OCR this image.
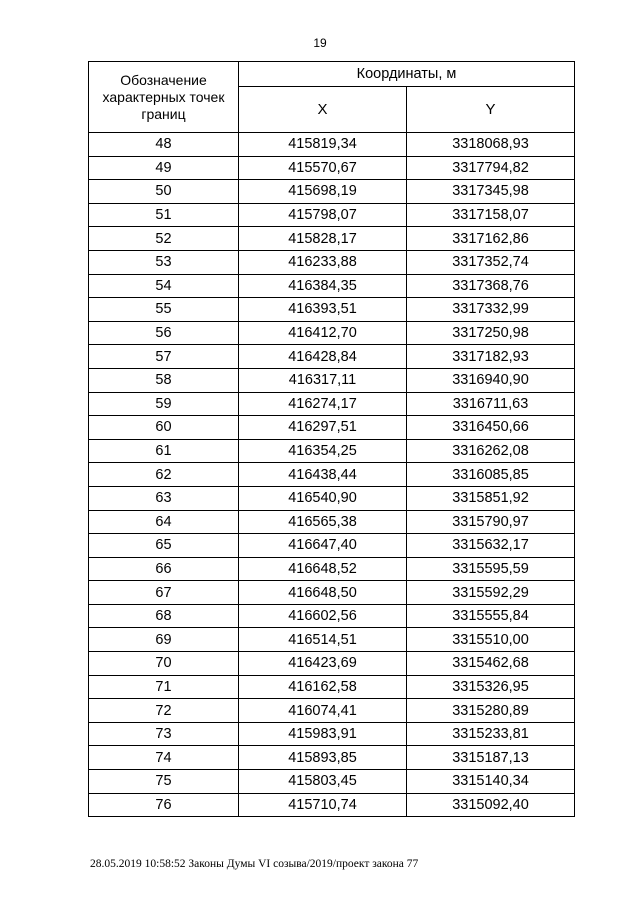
19
Обозначение характерных точек границ	Координаты, м	
	X	Y
48	415819,34	3318068,93
49	415570,67	3317794,82
50	415698,19	3317345,98
51	415798,07	3317158,07
52	415828,17	3317162,86
53	416233,88	3317352,74
54	416384,35	3317368,76
55	416393,51	3317332,99
56	416412,70	3317250,98
57	416428,84	3317182,93
58	416317,11	3316940,90
59	416274,17	3316711,63
60	416297,51	3316450,66
61	416354,25	3316262,08
62	416438,44	3316085,85
63	416540,90	3315851,92
64	416565,38	3315790,97
65	416647,40	3315632,17
66	416648,52	3315595,59
67	416648,50	3315592,29
68	416602,56	3315555,84
69	416514,51	3315510,00
70	416423,69	3315462,68
71	416162,58	3315326,95
72	416074,41	3315280,89
73	415983,91	3315233,81
74	415893,85	3315187,13
75	415803,45	3315140,34
76	415710,74	3315092,40
28.05.2019 10:58:52 Законы Думы VI созыва/2019/проект закона 77
